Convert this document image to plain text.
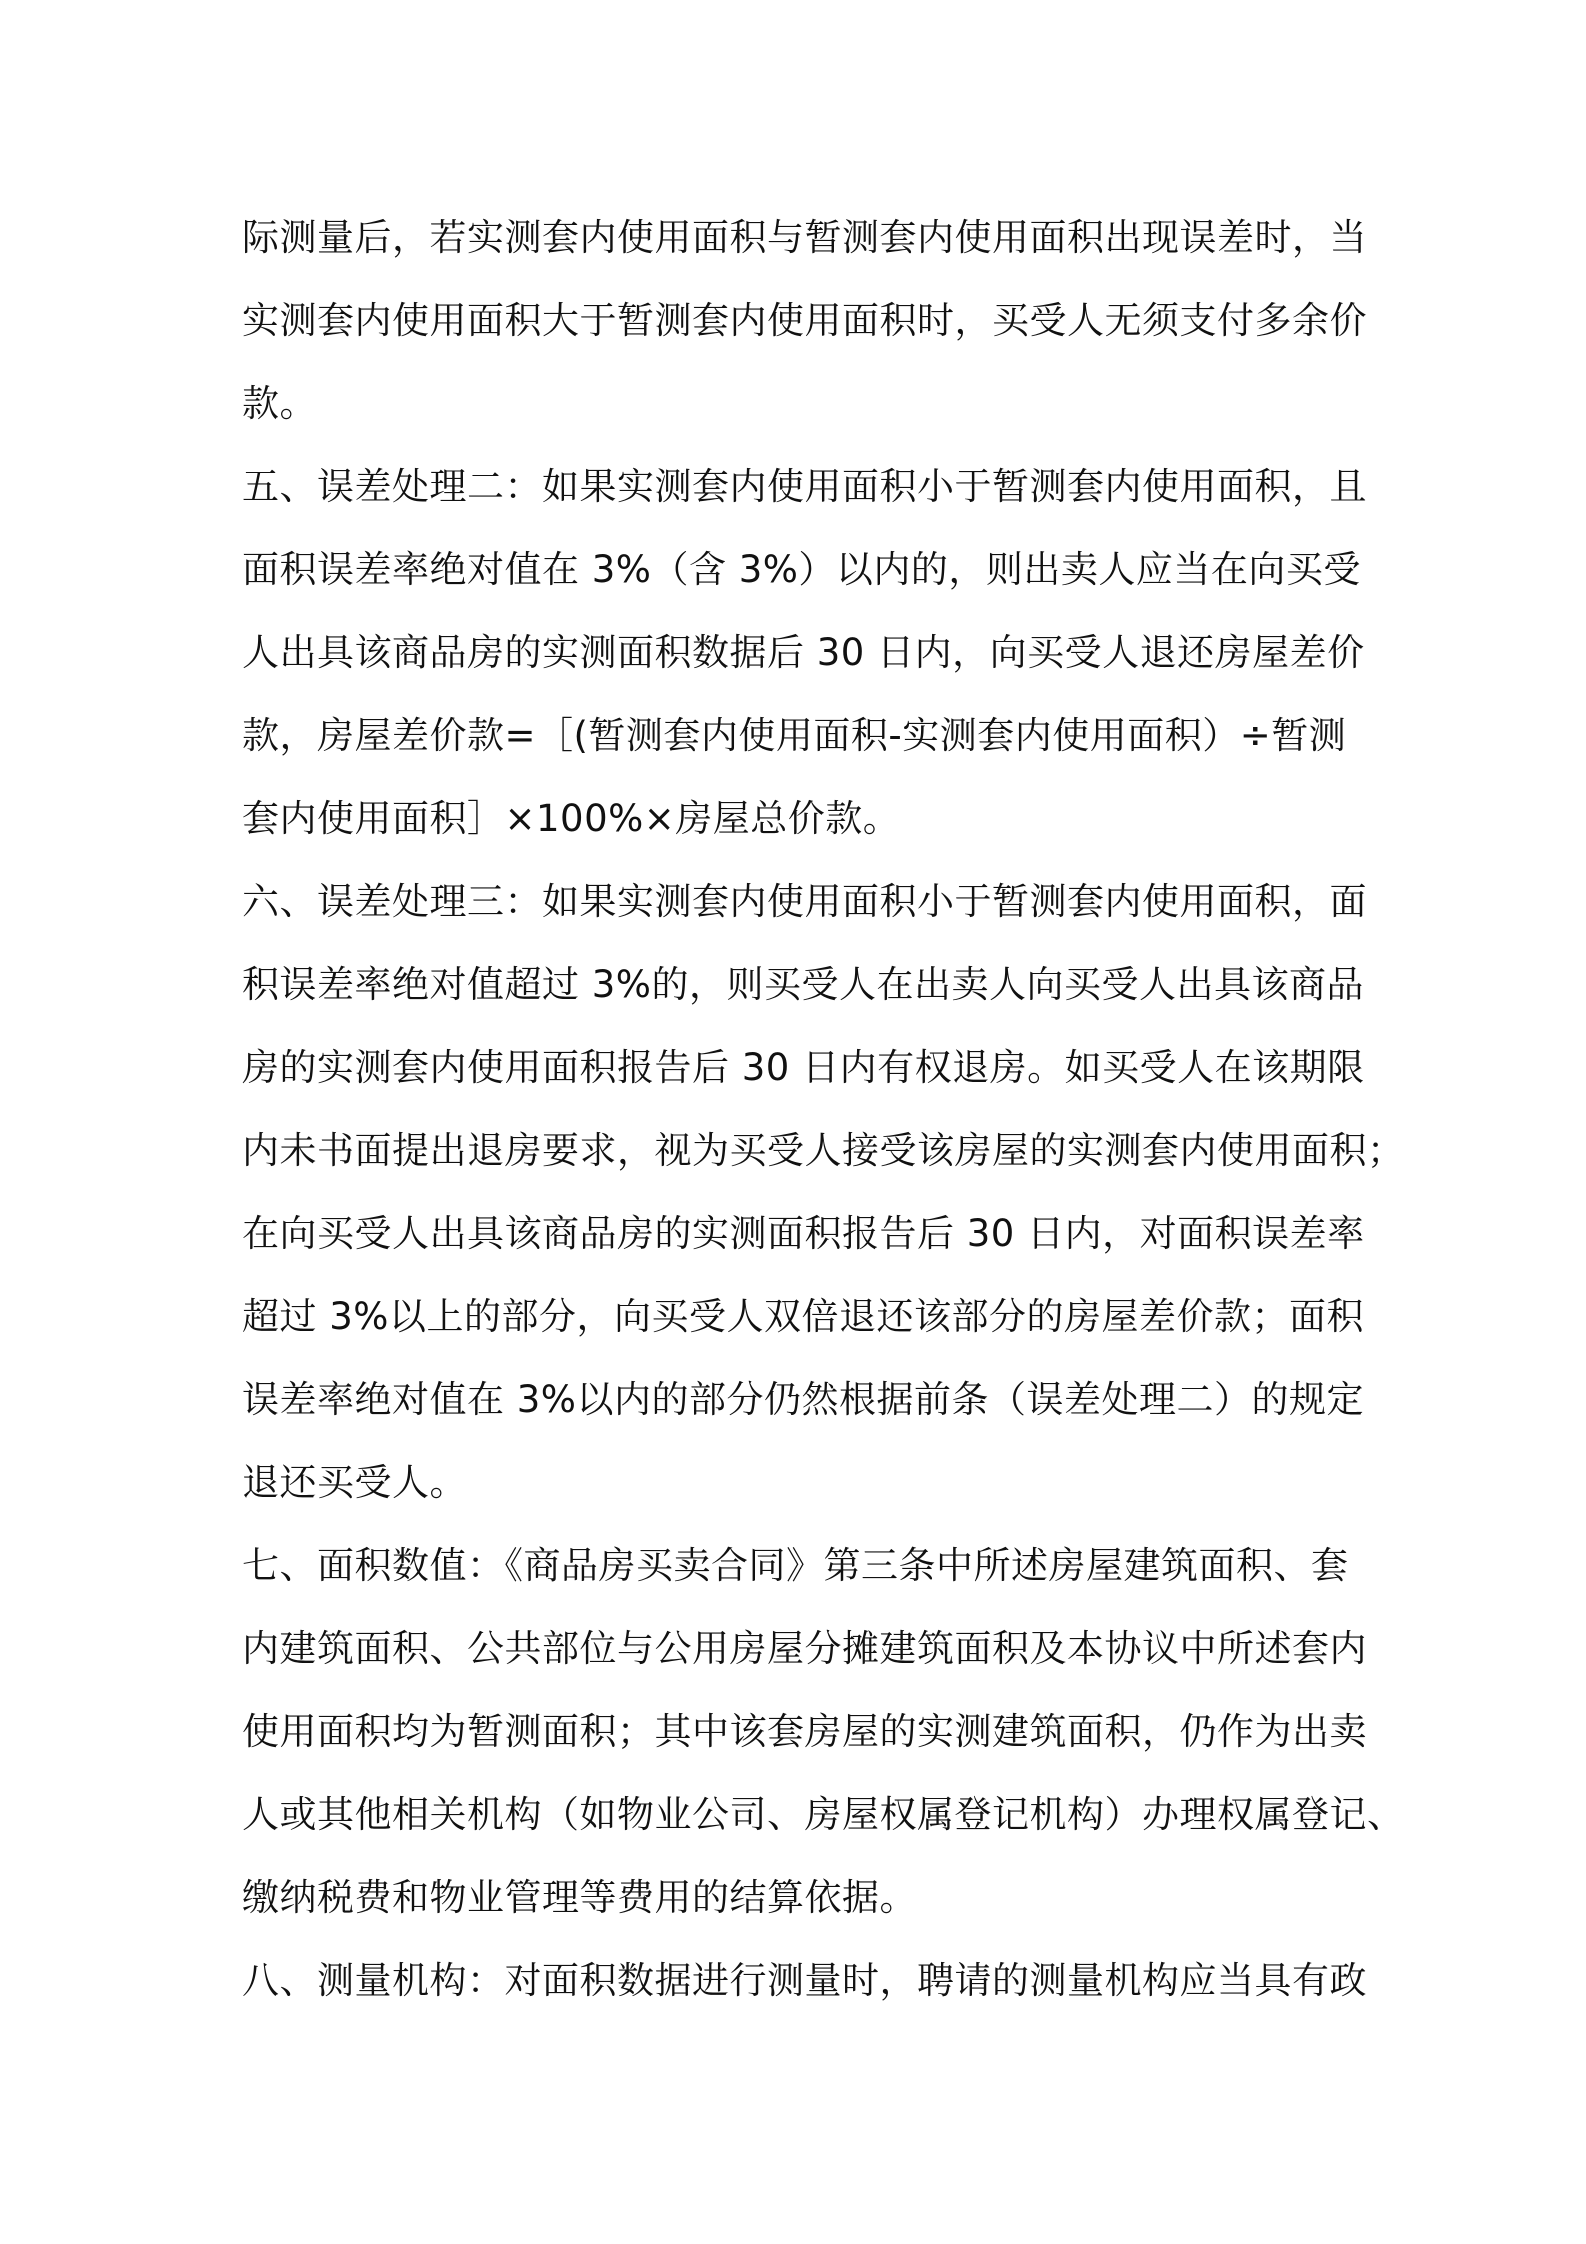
际测量后，若实测套内使用面积与暂测套内使用面积出现误差时，当
实测套内使用面积大于暂测套内使用面积时，买受人无须支付多余价
款。
五、误差处理二：如果实测套内使用面积小于暂测套内使用面积，且
面积误差率绝对值在 3%（含 3%）以内的，则出卖人应当在向买受
人出具该商品房的实测面积数据后 30 日内，向买受人退还房屋差价
款，房屋差价款=［(暂测套内使用面积-实测套内使用面积）÷暂测
套内使用面积］×100%×房屋总价款。
六、误差处理三：如果实测套内使用面积小于暂测套内使用面积，面
积误差率绝对值超过 3%的，则买受人在出卖人向买受人出具该商品
房的实测套内使用面积报告后 30 日内有权退房。如买受人在该期限
内未书面提出退房要求，视为买受人接受该房屋的实测套内使用面积；
在向买受人出具该商品房的实测面积报告后 30 日内，对面积误差率
超过 3%以上的部分，向买受人双倍退还该部分的房屋差价款；面积
误差率绝对值在 3%以内的部分仍然根据前条（误差处理二）的规定
退还买受人。
七、面积数值：《商品房买卖合同》第三条中所述房屋建筑面积、套
内建筑面积、公共部位与公用房屋分摊建筑面积及本协议中所述套内
使用面积均为暂测面积；其中该套房屋的实测建筑面积，仍作为出卖
人或其他相关机构（如物业公司、房屋权属登记机构）办理权属登记、
缴纳税费和物业管理等费用的结算依据。
八、测量机构：对面积数据进行测量时，聘请的测量机构应当具有政
